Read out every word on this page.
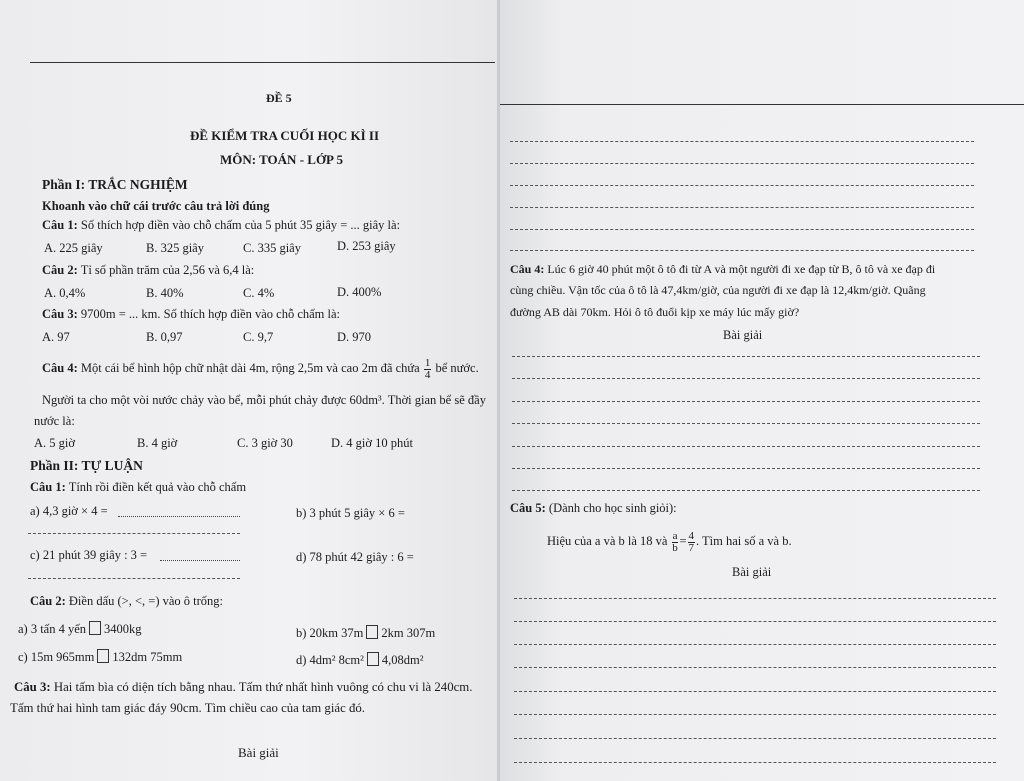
ĐỀ 5
ĐỀ KIỂM TRA CUỐI HỌC KÌ II
MÔN: TOÁN - LỚP 5
Phần I: TRẮC NGHIỆM
Khoanh vào chữ cái trước câu trả lời đúng
Câu 1: Số thích hợp điền vào chỗ chấm của 5 phút 35 giây = ... giây là:
A. 225 giây	B. 325 giây	C. 335 giây	D. 253 giây
Câu 2: Tỉ số phần trăm của 2,56 và 6,4 là:
A. 0,4%	B. 40%	C. 4%	D. 400%
Câu 3: 9700m = ... km. Số thích hợp điền vào chỗ chấm là:
A. 97	B. 0,97	C. 9,7	D. 970
Câu 4: Một cái bể hình hộp chữ nhật dài 4m, rộng 2,5m và cao 2m đã chứa $\frac{1}{4}$ bể nước.
Người ta cho một vòi nước chảy vào bể, mỗi phút chảy được 60dm³. Thời gian bể sẽ đầy
nước là:
A. 5 giờ	B. 4 giờ	C. 3 giờ 30	D. 4 giờ 10 phút
Phần II: TỰ LUẬN
Câu 1: Tính rồi điền kết quả vào chỗ chấm
a) 4,3 giờ × 4 =	b) 3 phút 5 giây × 6 =
c) 21 phút 39 giây : 3 =	d) 78 phút 42 giây : 6 =
Câu 2: Điền dấu (>, <, =) vào ô trống:
a) 3 tấn 4 yến 3400kg	b) 20km 37m 2km 307m
c) 15m 965mm 132dm 75mm	d) 4dm² 8cm² 4,08dm²
Câu 3: Hai tấm bìa có diện tích bằng nhau. Tấm thứ nhất hình vuông có chu vi là 240cm.
Tấm thứ hai hình tam giác đáy 90cm. Tìm chiều cao của tam giác đó.
Bài giải
Câu 4: Lúc 6 giờ 40 phút một ô tô đi từ A và một người đi xe đạp từ B, ô tô và xe đạp đi
cùng chiều. Vận tốc của ô tô là 47,4km/giờ, của người đi xe đạp là 12,4km/giờ. Quãng
đường AB dài 70km. Hỏi ô tô đuổi kịp xe máy lúc mấy giờ?
Bài giải
Câu 5: (Dành cho học sinh giỏi):
Hiệu của a và b là 18 và $\frac{a}{b} = \frac{4}{7}$ . Tìm hai số a và b.
Bài giải
